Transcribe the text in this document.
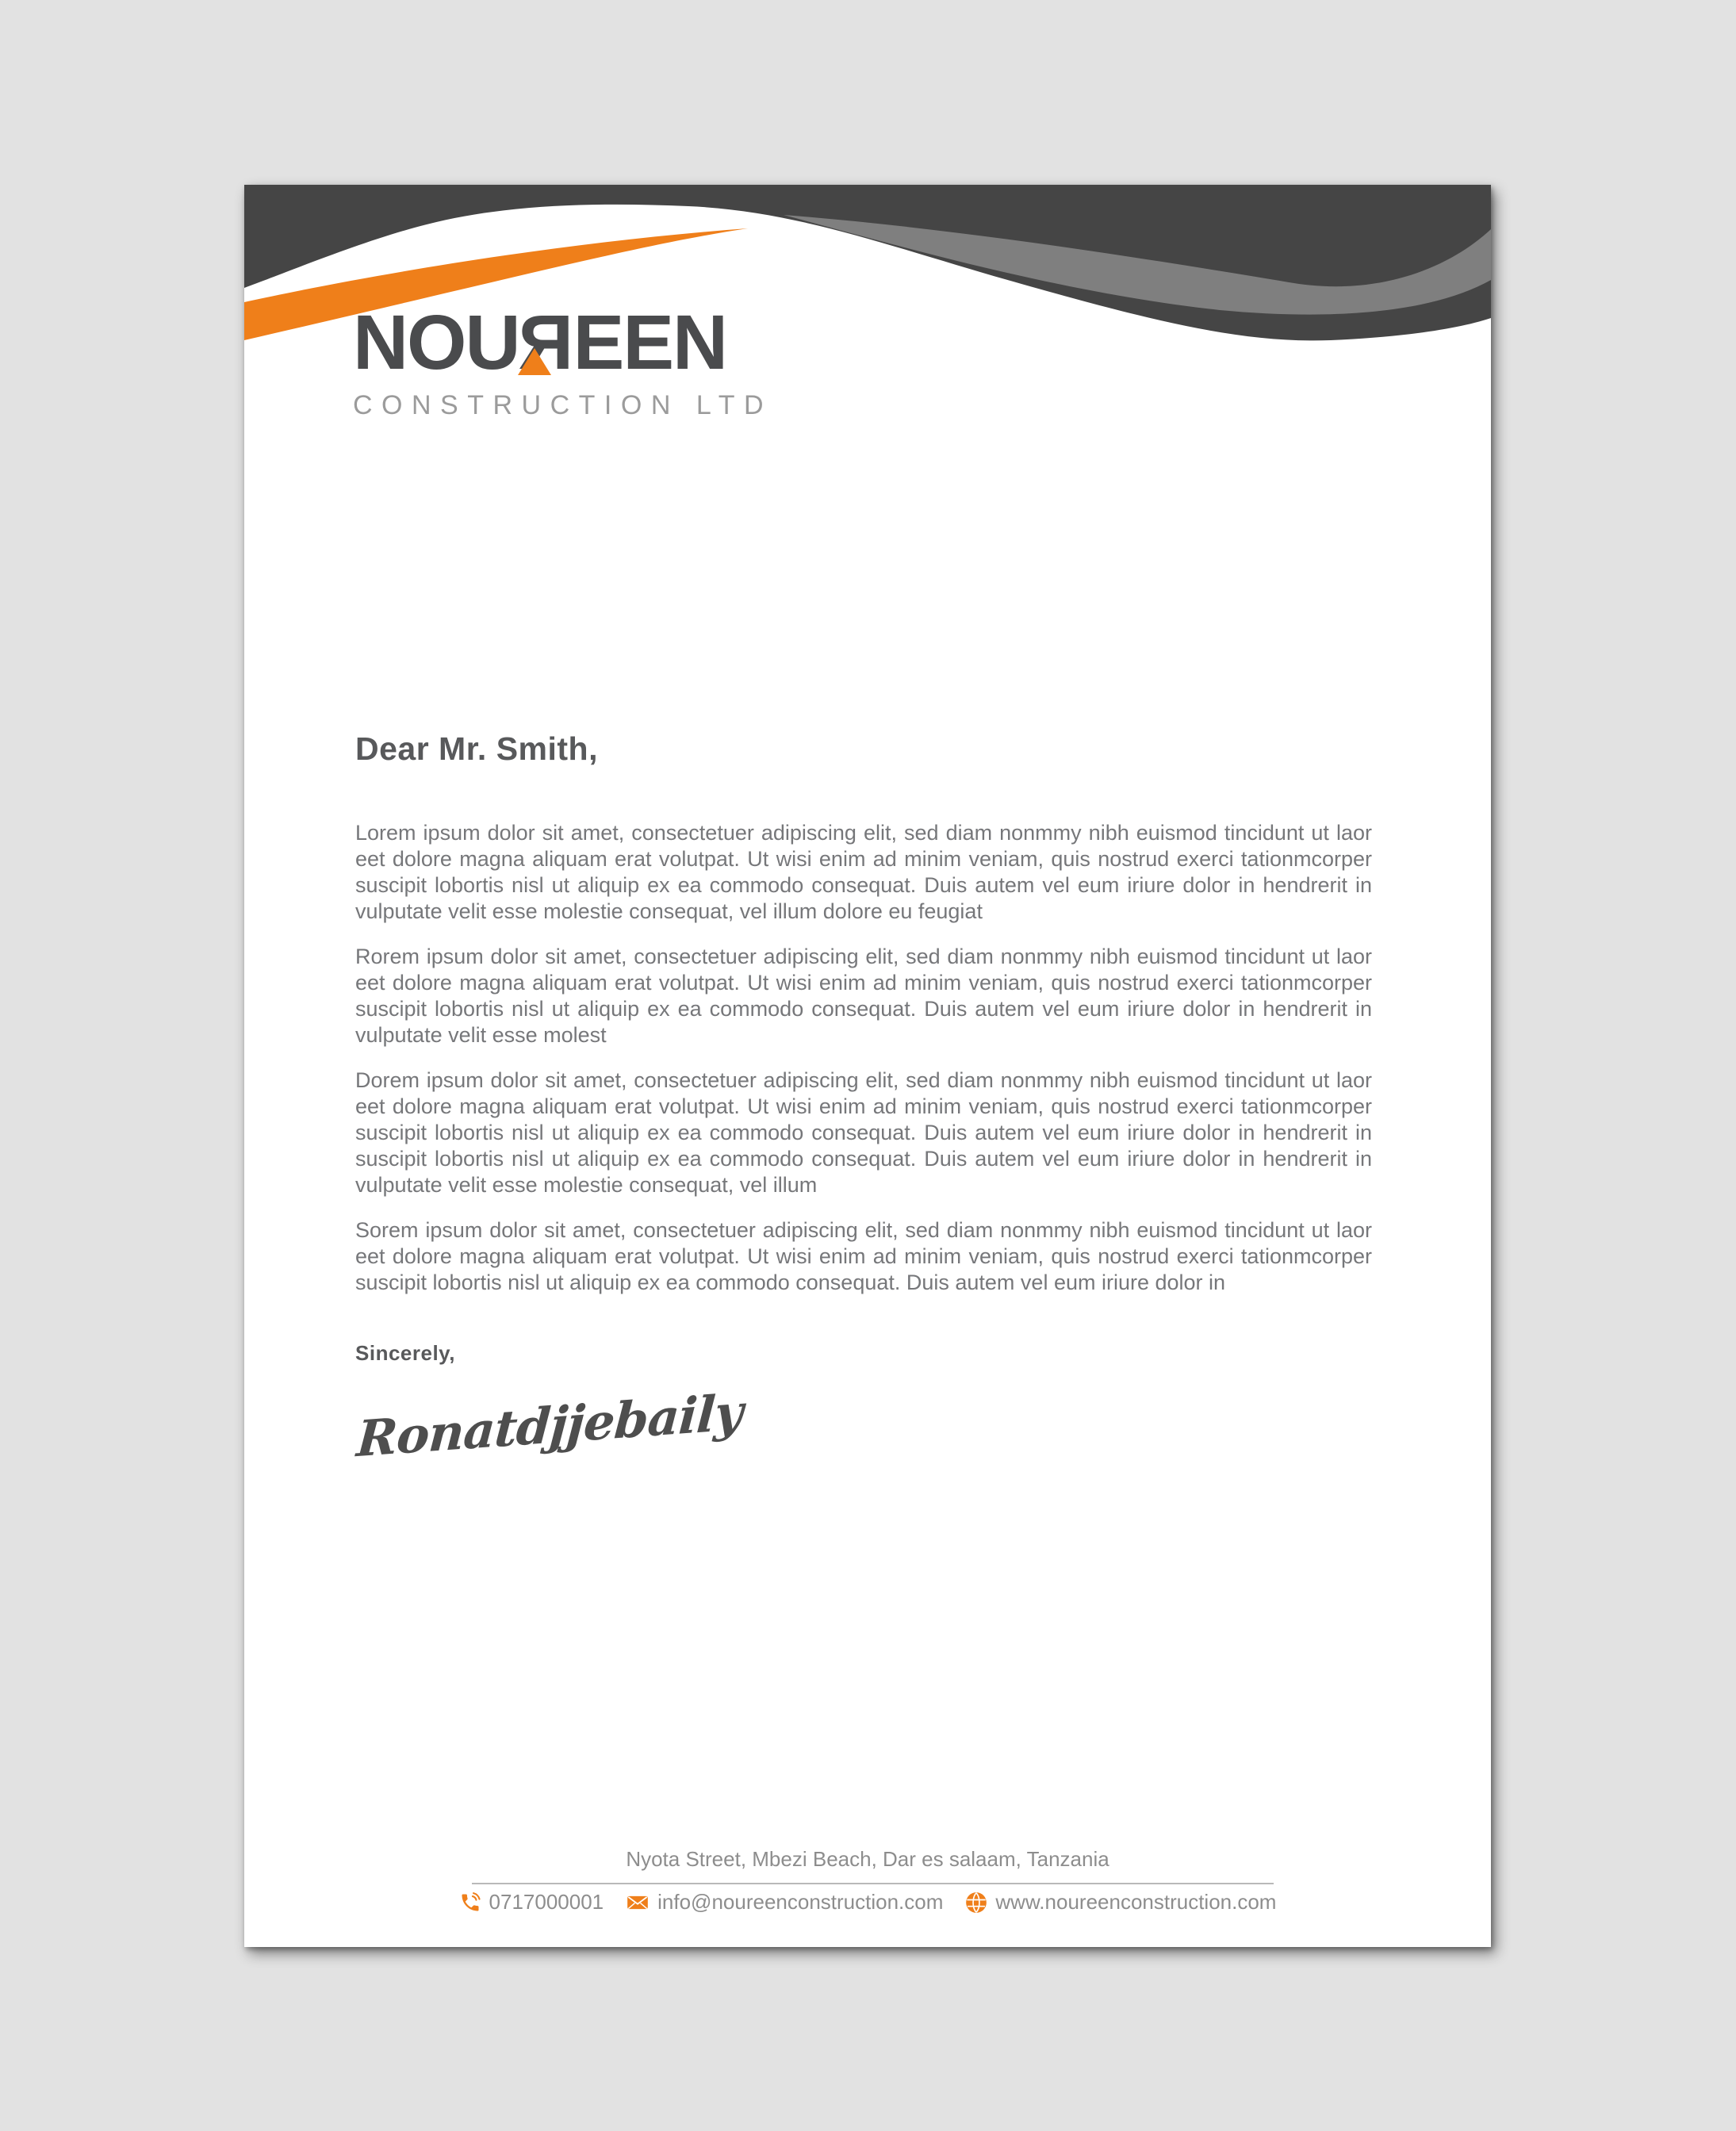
NOUR
EEN
CONSTRUCTION LTD
Dear Mr. Smith,

Lorem ipsum dolor sit amet, consectetuer adipiscing elit, sed diam nonmmy nibh euismod tincidunt ut laor eet dolore magna aliquam erat volutpat. Ut wisi enim ad minim veniam, quis nostrud exerci tationmcorper suscipit lobortis nisl ut aliquip ex ea commodo consequat. Duis autem vel eum iriure dolor in hendrerit in vulputate velit esse molestie consequat, vel illum dolore eu feugiat

Rorem ipsum dolor sit amet, consectetuer adipiscing elit, sed diam nonmmy nibh euismod tincidunt ut laor eet dolore magna aliquam erat volutpat. Ut wisi enim ad minim veniam, quis nostrud exerci tationmcorper suscipit lobortis nisl ut aliquip ex ea commodo consequat. Duis autem vel eum iriure dolor in hendrerit in vulputate velit esse molest

Dorem ipsum dolor sit amet, consectetuer adipiscing elit, sed diam nonmmy nibh euismod tincidunt ut laor eet dolore magna aliquam erat volutpat. Ut wisi enim ad minim veniam, quis nostrud exerci tationmcorper suscipit lobortis nisl ut aliquip ex ea commodo consequat. Duis autem vel eum iriure dolor in hendrerit in suscipit lobortis nisl ut aliquip ex ea commodo consequat. Duis autem vel eum iriure dolor in hendrerit in vulputate velit esse molestie consequat, vel illum

Sorem ipsum dolor sit amet, consectetuer adipiscing elit, sed diam nonmmy nibh euismod tincidunt ut laor eet dolore magna aliquam erat volutpat. Ut wisi enim ad minim veniam, quis nostrud exerci tationmcorper suscipit lobortis nisl ut aliquip ex ea commodo consequat. Duis autem vel eum iriure dolor in

Sincerely,
Ronatdjjebaily
Nyota Street, Mbezi Beach, Dar es salaam, Tanzania
0717000001	info@noureenconstruction.com	www.noureenconstruction.com
